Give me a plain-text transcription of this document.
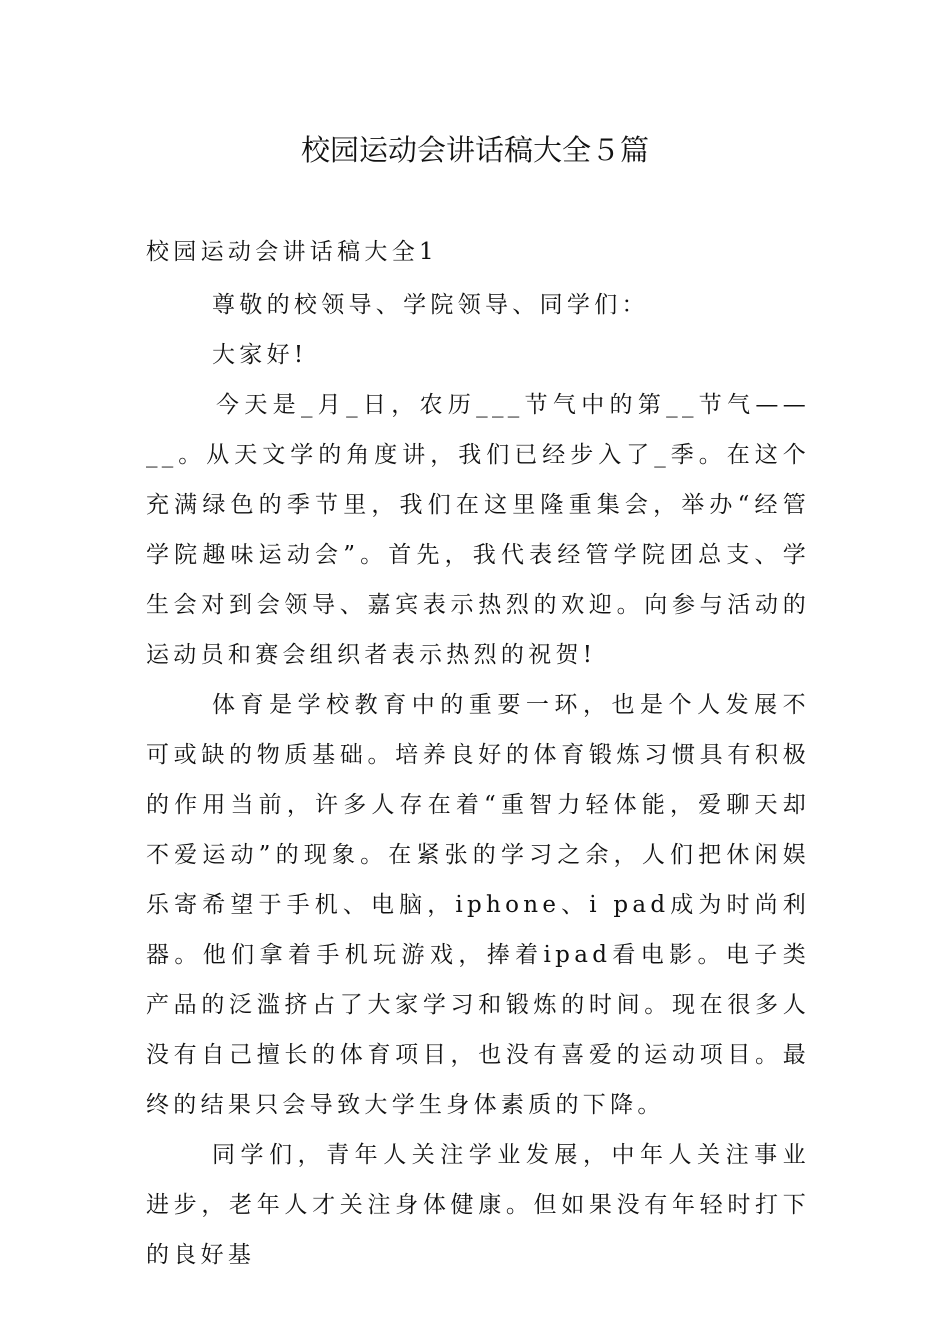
校园运动会讲话稿大全５篇

校园运动会讲话稿大全1

尊敬的校领导、学院领导、同学们：

大家好!

今天是_月_日，农历___节气中的第__节气——__。从天文学的角度讲，我们已经步入了_季。在这个充满绿色的季节里，我们在这里隆重集会，举办“经管学院趣味运动会”。首先，我代表经管学院团总支、学生会对到会领导、嘉宾表示热烈的欢迎。向参与活动的运动员和赛会组织者表示热烈的祝贺!

体育是学校教育中的重要一环，也是个人发展不可或缺的物质基础。培养良好的体育锻炼习惯具有积极的作用当前，许多人存在着“重智力轻体能，爱聊天却不爱运动”的现象。在紧张的学习之余，人们把休闲娱乐寄希望于手机、电脑，iphone、i pad成为时尚利器。他们拿着手机玩游戏，捧着ipad看电影。电子类产品的泛滥挤占了大家学习和锻炼的时间。现在很多人没有自己擅长的体育项目，也没有喜爱的运动项目。最终的结果只会导致大学生身体素质的下降。

同学们，青年人关注学业发展，中年人关注事业进步，老年人才关注身体健康。但如果没有年轻时打下的良好基
